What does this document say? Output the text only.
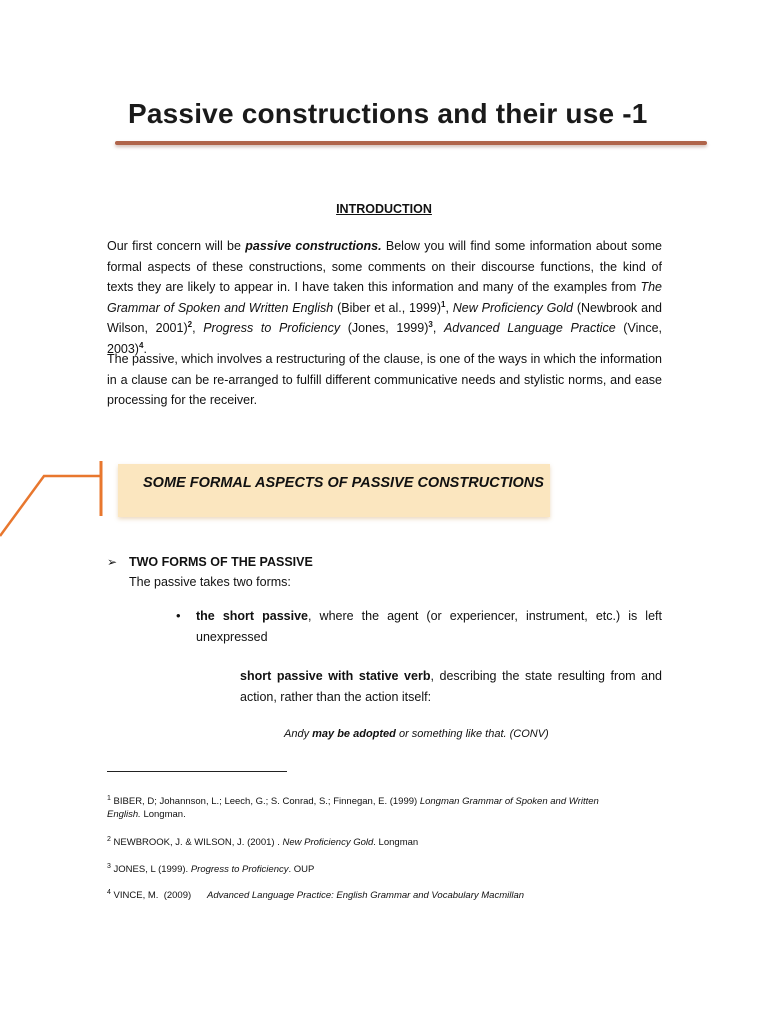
Passive constructions and their use -1
INTRODUCTION
Our first concern will be passive constructions. Below you will find some information about some formal aspects of these constructions, some comments on their discourse functions, the kind of texts they are likely to appear in. I have taken this information and many of the examples from The Grammar of Spoken and Written English (Biber et al., 1999)$^1$, New Proficiency Gold (Newbrook and Wilson, 2001)$^2$, Progress to Proficiency (Jones, 1999)$^3$, Advanced Language Practice (Vince, 2003)$^4$.
The passive, which involves a restructuring of the clause, is one of the ways in which the information in a clause can be re-arranged to fulfill different communicative needs and stylistic norms, and ease processing for the receiver.
SOME FORMAL ASPECTS OF PASSIVE CONSTRUCTIONS
➢ TWO FORMS OF THE PASSIVE
The passive takes two forms:
• the short passive, where the agent (or experiencer, instrument, etc.) is left unexpressed
short passive with stative verb, describing the state resulting from and action, rather than the action itself:
Andy may be adopted or something like that. (CONV)
$^1$ BIBER, D; Johannson, L.; Leech, G.; S. Conrad, S.; Finnegan, E. (1999) Longman Grammar of Spoken and Written English. Longman.
$^2$ NEWBROOK, J. & WILSON, J. (2001) . New Proficiency Gold. Longman
$^3$ JONES, L (1999). Progress to Proficiency. OUP
$^4$ VINCE, M.  (2009)      Advanced Language Practice: English Grammar and Vocabulary Macmillan
